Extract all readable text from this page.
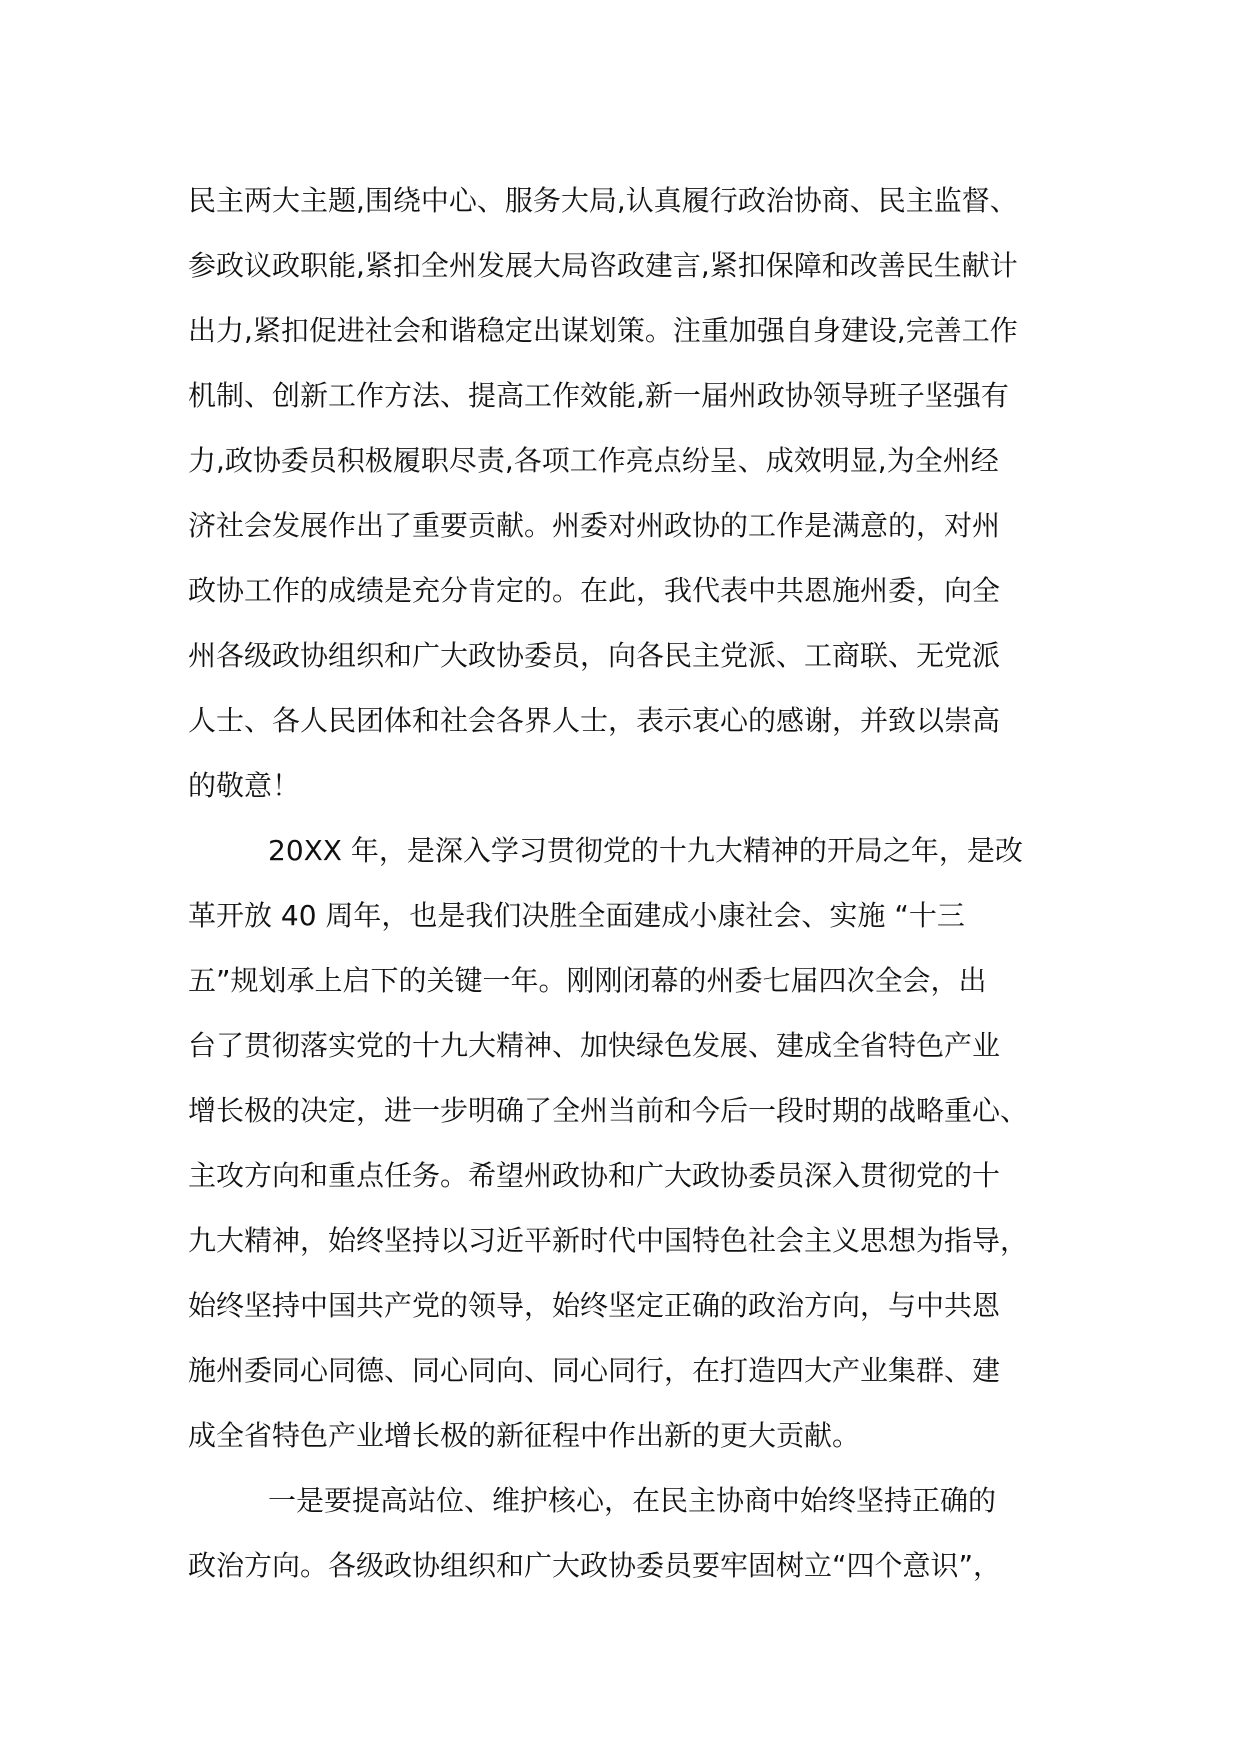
民主两大主题,围绕中心、服务大局,认真履行政治协商、民主监督、
参政议政职能,紧扣全州发展大局咨政建言,紧扣保障和改善民生献计
出力,紧扣促进社会和谐稳定出谋划策。注重加强自身建设,完善工作
机制、创新工作方法、提高工作效能,新一届州政协领导班子坚强有
力,政协委员积极履职尽责,各项工作亮点纷呈、成效明显,为全州经
济社会发展作出了重要贡献。州委对州政协的工作是满意的，对州
政协工作的成绩是充分肯定的。在此，我代表中共恩施州委，向全
州各级政协组织和广大政协委员，向各民主党派、工商联、无党派
人士、各人民团体和社会各界人士，表示衷心的感谢，并致以崇高
的敬意！
20XX 年，是深入学习贯彻党的十九大精神的开局之年，是改
革开放 40 周年，也是我们决胜全面建成小康社会、实施 “十三
五”规划承上启下的关键一年。刚刚闭幕的州委七届四次全会，出
台了贯彻落实党的十九大精神、加快绿色发展、建成全省特色产业
增长极的决定，进一步明确了全州当前和今后一段时期的战略重心、
主攻方向和重点任务。希望州政协和广大政协委员深入贯彻党的十
九大精神，始终坚持以习近平新时代中国特色社会主义思想为指导，
始终坚持中国共产党的领导，始终坚定正确的政治方向，与中共恩
施州委同心同德、同心同向、同心同行，在打造四大产业集群、建
成全省特色产业增长极的新征程中作出新的更大贡献。
一是要提高站位、维护核心，在民主协商中始终坚持正确的
政治方向。各级政协组织和广大政协委员要牢固树立“四个意识”，
